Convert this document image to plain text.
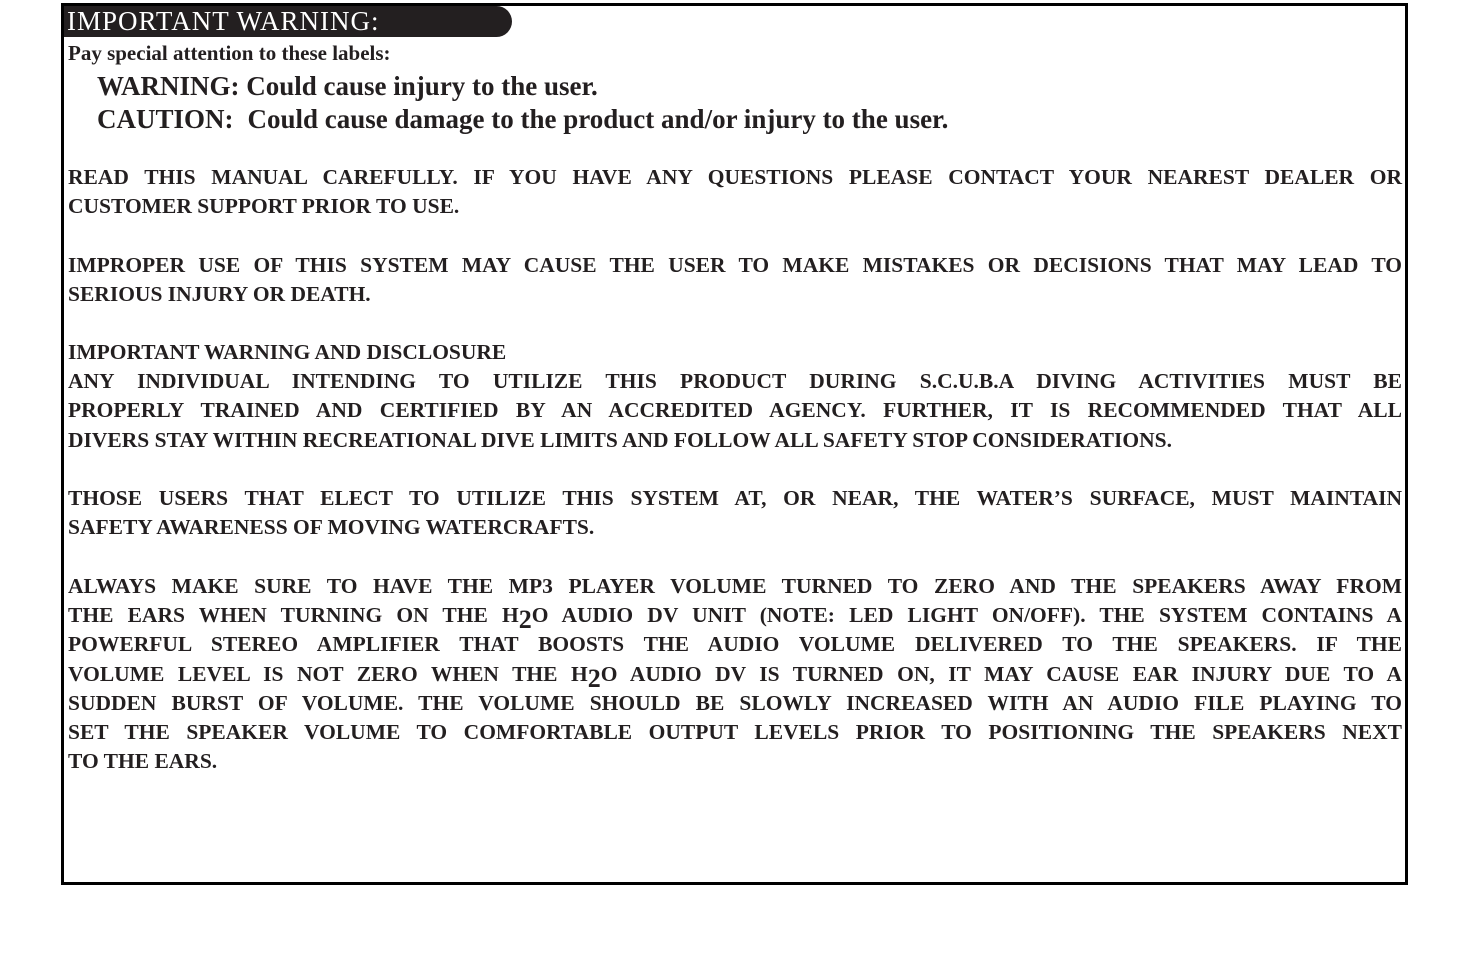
IMPORTANT WARNING:
Pay special attention to these labels:
WARNING: Could cause injury to the user.
CAUTION: Could cause damage to the product and/or injury to the user.
READ THIS MANUAL CAREFULLY. IF YOU HAVE ANY QUESTIONS PLEASE CONTACT YOUR NEAREST DEALER OR
CUSTOMER SUPPORT PRIOR TO USE.
IMPROPER USE OF THIS SYSTEM MAY CAUSE THE USER TO MAKE MISTAKES OR DECISIONS THAT MAY LEAD TO
SERIOUS INJURY OR DEATH.
IMPORTANT WARNING AND DISCLOSURE
ANY INDIVIDUAL INTENDING TO UTILIZE THIS PRODUCT DURING S.C.U.B.A DIVING ACTIVITIES MUST BE
PROPERLY TRAINED AND CERTIFIED BY AN ACCREDITED AGENCY. FURTHER, IT IS RECOMMENDED THAT ALL
DIVERS STAY WITHIN RECREATIONAL DIVE LIMITS AND FOLLOW ALL SAFETY STOP CONSIDERATIONS.
THOSE USERS THAT ELECT TO UTILIZE THIS SYSTEM AT, OR NEAR, THE WATER’S SURFACE, MUST MAINTAIN
SAFETY AWARENESS OF MOVING WATERCRAFTS.
ALWAYS MAKE SURE TO HAVE THE MP3 PLAYER VOLUME TURNED TO ZERO AND THE SPEAKERS AWAY FROM
THE EARS WHEN TURNING ON THE H2O AUDIO DV UNIT (NOTE: LED LIGHT ON/OFF). THE SYSTEM CONTAINS A
POWERFUL STEREO AMPLIFIER THAT BOOSTS THE AUDIO VOLUME DELIVERED TO THE SPEAKERS. IF THE
VOLUME LEVEL IS NOT ZERO WHEN THE H2O AUDIO DV IS TURNED ON, IT MAY CAUSE EAR INJURY DUE TO A
SUDDEN BURST OF VOLUME. THE VOLUME SHOULD BE SLOWLY INCREASED WITH AN AUDIO FILE PLAYING TO
SET THE SPEAKER VOLUME TO COMFORTABLE OUTPUT LEVELS PRIOR TO POSITIONING THE SPEAKERS NEXT
TO THE EARS.
